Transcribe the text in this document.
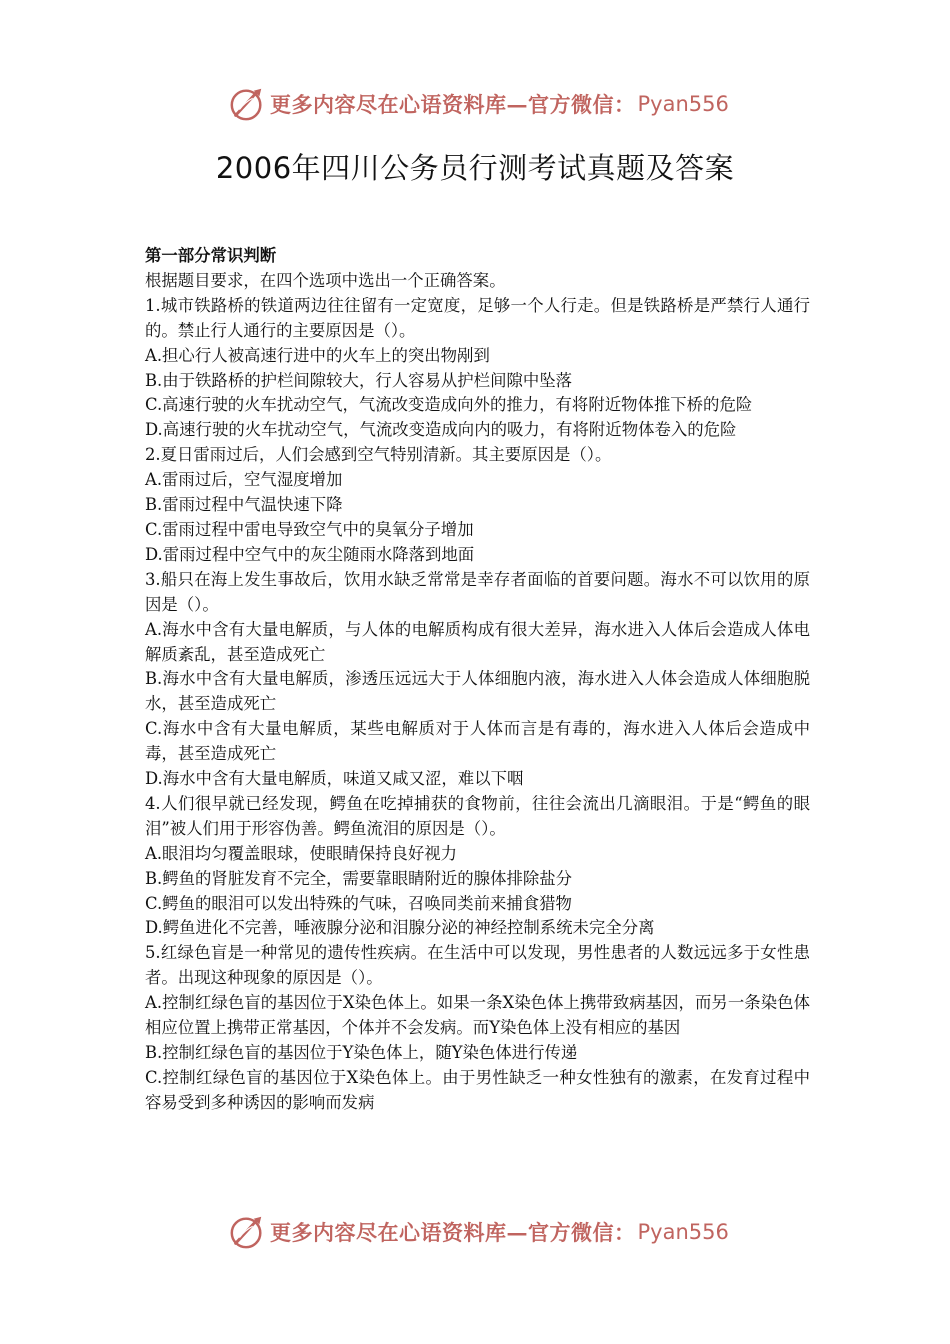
更多内容尽在心语资料库—官方微信： Pyan556
2006年四川公务员行测考试真题及答案

第一部分常识判断

根据题目要求，在四个选项中选出一个正确答案。

1.城市铁路桥的铁道两边往往留有一定宽度，足够一个人行走。但是铁路桥是严禁行人通行的。禁止行人通行的主要原因是（）。

A.担心行人被高速行进中的火车上的突出物剐到

B.由于铁路桥的护栏间隙较大，行人容易从护栏间隙中坠落

C.高速行驶的火车扰动空气，气流改变造成向外的推力，有将附近物体推下桥的危险

D.高速行驶的火车扰动空气，气流改变造成向内的吸力，有将附近物体卷入的危险

2.夏日雷雨过后，人们会感到空气特别清新。其主要原因是（）。

A.雷雨过后，空气湿度增加

B.雷雨过程中气温快速下降

C.雷雨过程中雷电导致空气中的臭氧分子增加

D.雷雨过程中空气中的灰尘随雨水降落到地面

3.船只在海上发生事故后，饮用水缺乏常常是幸存者面临的首要问题。海水不可以饮用的原因是（）。

A.海水中含有大量电解质，与人体的电解质构成有很大差异，海水进入人体后会造成人体电解质紊乱，甚至造成死亡

B.海水中含有大量电解质，渗透压远远大于人体细胞内液，海水进入人体会造成人体细胞脱水，甚至造成死亡

C.海水中含有大量电解质，某些电解质对于人体而言是有毒的，海水进入人体后会造成中毒，甚至造成死亡

D.海水中含有大量电解质，味道又咸又涩，难以下咽

4.人们很早就已经发现，鳄鱼在吃掉捕获的食物前，往往会流出几滴眼泪。于是“鳄鱼的眼泪”被人们用于形容伪善。鳄鱼流泪的原因是（）。

A.眼泪均匀覆盖眼球，使眼睛保持良好视力

B.鳄鱼的肾脏发育不完全，需要靠眼睛附近的腺体排除盐分

C.鳄鱼的眼泪可以发出特殊的气味，召唤同类前来捕食猎物

D.鳄鱼进化不完善，唾液腺分泌和泪腺分泌的神经控制系统未完全分离

5.红绿色盲是一种常见的遗传性疾病。在生活中可以发现，男性患者的人数远远多于女性患者。出现这种现象的原因是（）。

A.控制红绿色盲的基因位于X染色体上。如果一条X染色体上携带致病基因，而另一条染色体相应位置上携带正常基因，个体并不会发病。而Y染色体上没有相应的基因

B.控制红绿色盲的基因位于Y染色体上，随Y染色体进行传递

C.控制红绿色盲的基因位于X染色体上。由于男性缺乏一种女性独有的激素，在发育过程中容易受到多种诱因的影响而发病

更多内容尽在心语资料库—官方微信： Pyan556
